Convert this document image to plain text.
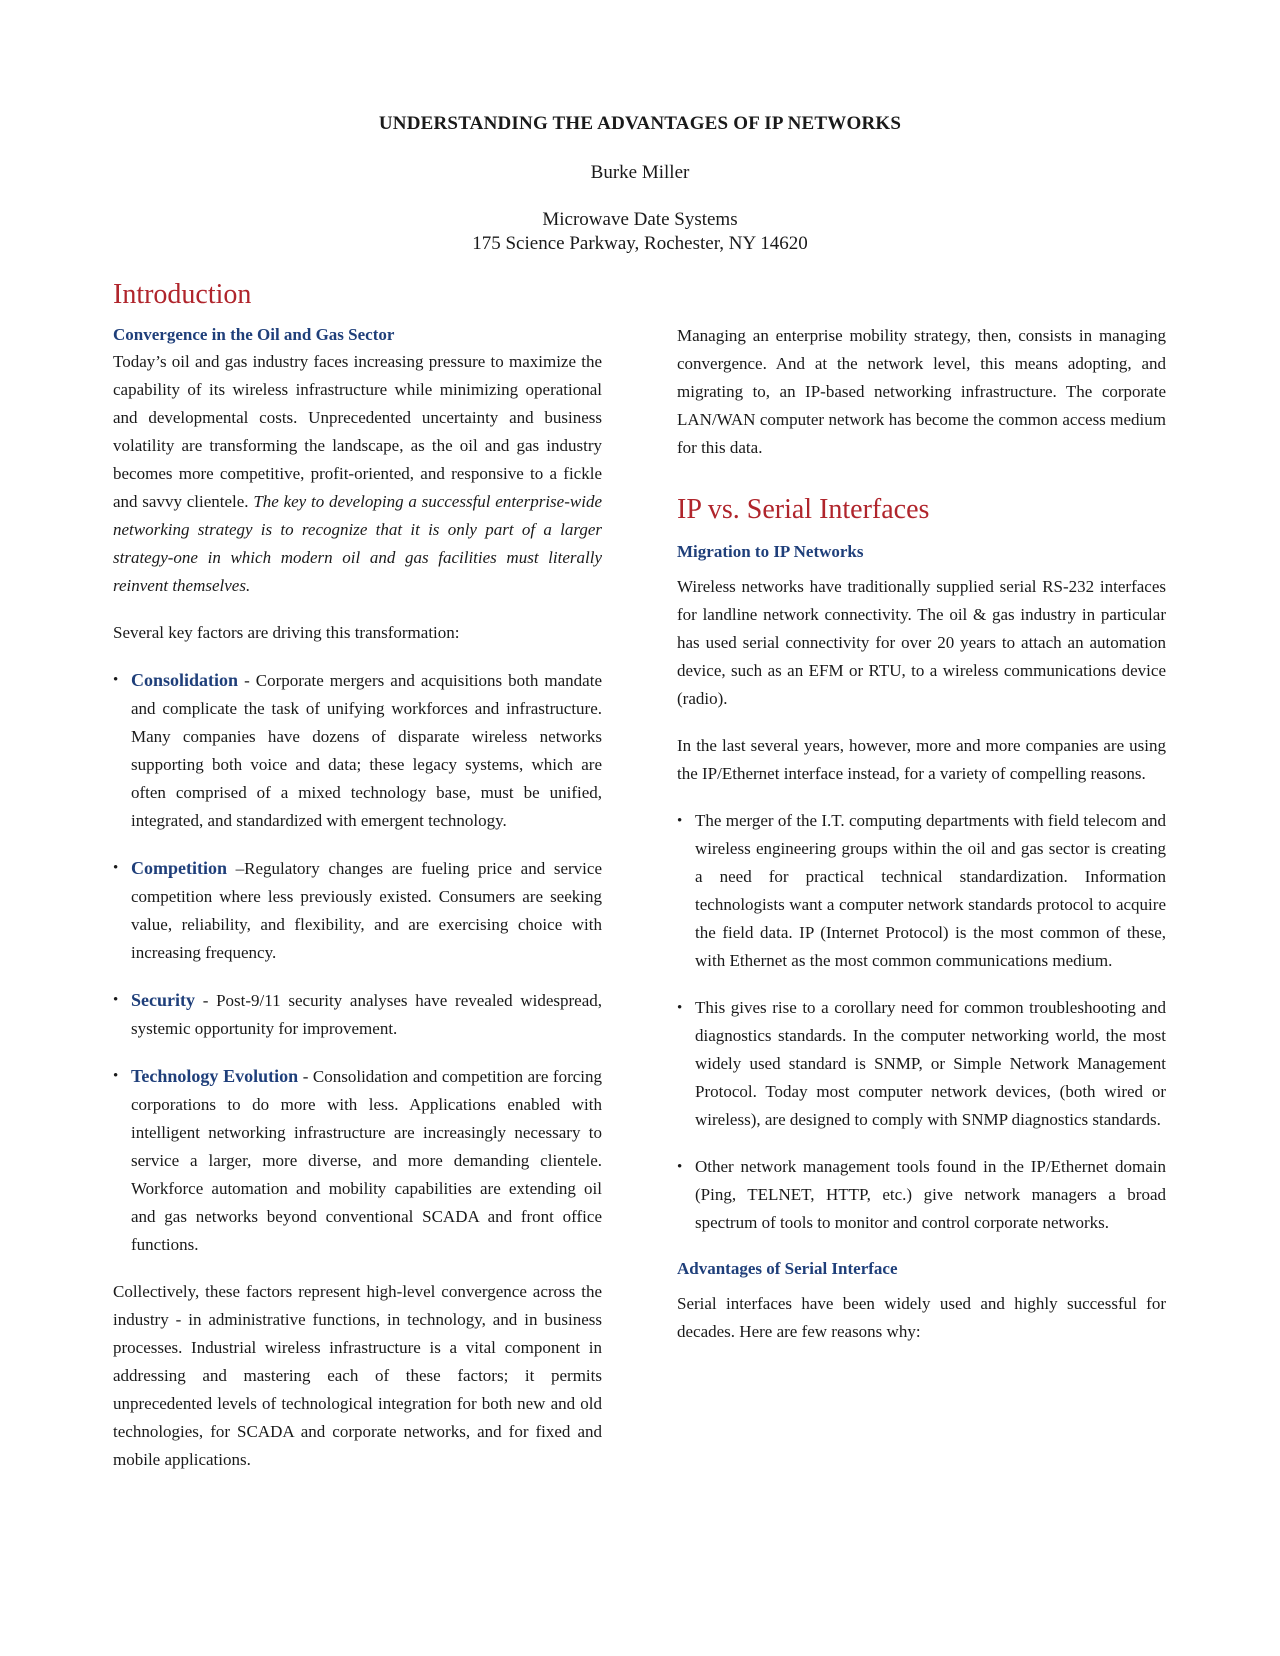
UNDERSTANDING THE ADVANTAGES OF IP NETWORKS
Burke Miller
Microwave Date Systems
175 Science Parkway, Rochester, NY 14620
Introduction
Convergence in the Oil and Gas Sector

Today’s oil and gas industry faces increasing pressure to maximize the capability of its wireless infrastructure while minimizing operational and developmental costs. Unprecedented uncertainty and business volatility are transforming the landscape, as the oil and gas industry becomes more competitive, profit-oriented, and responsive to a fickle and savvy clientele. The key to developing a successful enterprise-wide networking strategy is to recognize that it is only part of a larger strategy-one in which modern oil and gas facilities must literally reinvent themselves.

Several key factors are driving this transformation:

• Consolidation - Corporate mergers and acquisitions both mandate and complicate the task of unifying workforces and infrastructure. Many companies have dozens of disparate wireless networks supporting both voice and data; these legacy systems, which are often comprised of a mixed technology base, must be unified, integrated, and standardized with emergent technology.
• Competition –Regulatory changes are fueling price and service competition where less previously existed. Consumers are seeking value, reliability, and flexibility, and are exercising choice with increasing frequency.
• Security - Post-9/11 security analyses have revealed widespread, systemic opportunity for improvement.
• Technology Evolution - Consolidation and competition are forcing corporations to do more with less. Applications enabled with intelligent networking infrastructure are increasingly necessary to service a larger, more diverse, and more demanding clientele. Workforce automation and mobility capabilities are extending oil and gas networks beyond conventional SCADA and front office functions.

Collectively, these factors represent high-level convergence across the industry - in administrative functions, in technology, and in business processes. Industrial wireless infrastructure is a vital component in addressing and mastering each of these factors; it permits unprecedented levels of technological integration for both new and old technologies, for SCADA and corporate networks, and for fixed and mobile applications.

Managing an enterprise mobility strategy, then, consists in managing convergence. And at the network level, this means adopting, and migrating to, an IP-based networking infrastructure. The corporate LAN/WAN computer network has become the common access medium for this data.

IP vs. Serial Interfaces
Migration to IP Networks

Wireless networks have traditionally supplied serial RS-232 interfaces for landline network connectivity. The oil & gas industry in particular has used serial connectivity for over 20 years to attach an automation device, such as an EFM or RTU, to a wireless communications device (radio).

In the last several years, however, more and more companies are using the IP/Ethernet interface instead, for a variety of compelling reasons.

• The merger of the I.T. computing departments with field telecom and wireless engineering groups within the oil and gas sector is creating a need for practical technical standardization. Information technologists want a computer network standards protocol to acquire the field data. IP (Internet Protocol) is the most common of these, with Ethernet as the most common communications medium.
• This gives rise to a corollary need for common troubleshooting and diagnostics standards. In the computer networking world, the most widely used standard is SNMP, or Simple Network Management Protocol. Today most computer network devices, (both wired or wireless), are designed to comply with SNMP diagnostics standards.
• Other network management tools found in the IP/Ethernet domain (Ping, TELNET, HTTP, etc.) give network managers a broad spectrum of tools to monitor and control corporate networks.
Advantages of Serial Interface

Serial interfaces have been widely used and highly successful for decades. Here are few reasons why:
